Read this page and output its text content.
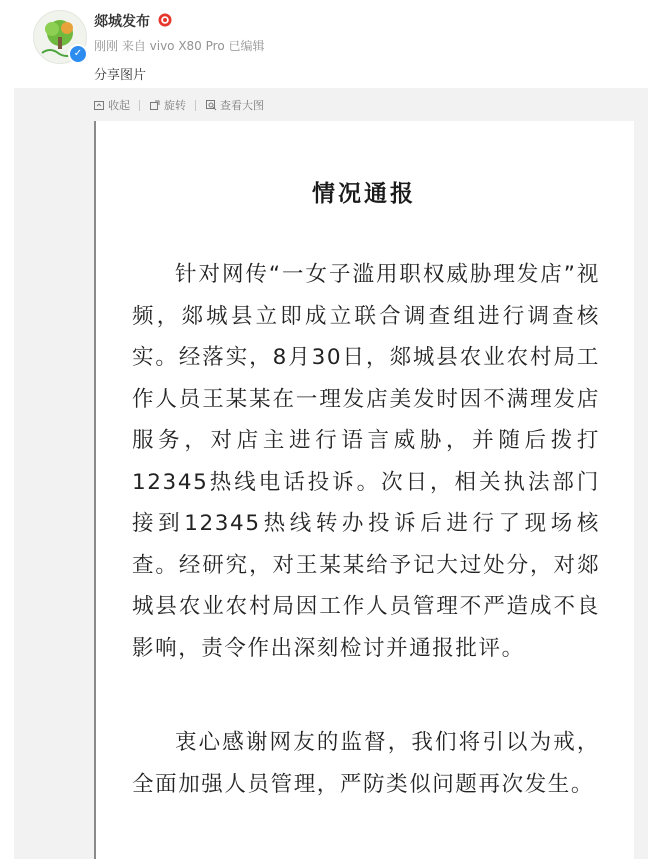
✓
郯城发布
刚刚 来自 vivo X80 Pro 已编辑
分享图片
收起	旋转	查看大图
情况通报
针对网传“一女子滥用职权威胁理发店”视频，郯城县立即成立联合调查组进行调查核实。经落实，8月30日，郯城县农业农村局工作人员王某某在一理发店美发时因不满理发店服务，对店主进行语言威胁，并随后拨打12345热线电话投诉。次日，相关执法部门接到12345热线转办投诉后进行了现场核查。经研究，对王某某给予记大过处分，对郯城县农业农村局因工作人员管理不严造成不良影响，责令作出深刻检讨并通报批评。
衷心感谢网友的监督，我们将引以为戒，全面加强人员管理，严防类似问题再次发生。
